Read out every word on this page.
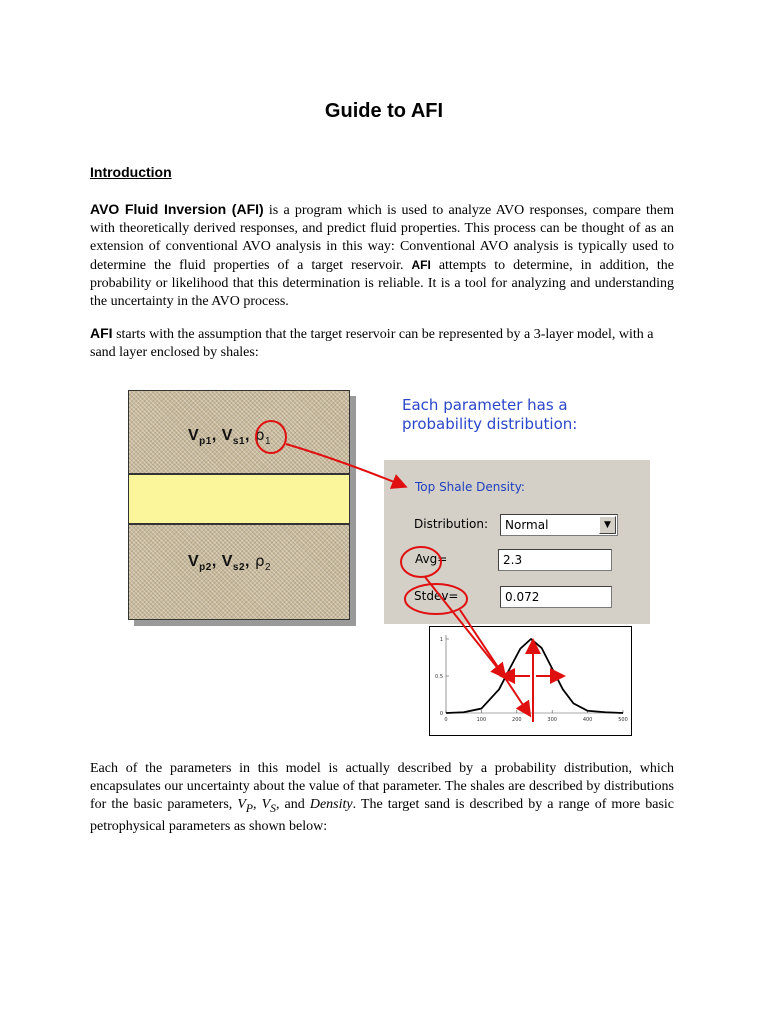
Guide to AFI
Introduction

AVO Fluid Inversion (AFI) is a program which is used to analyze AVO responses, compare them with theoretically derived responses, and predict fluid properties. This process can be thought of as an extension of conventional AVO analysis in this way: Conventional AVO analysis is typically used to determine the fluid properties of a target reservoir. AFI attempts to determine, in addition, the probability or likelihood that this determination is reliable. It is a tool for analyzing and understanding the uncertainty in the AVO process.

AFI starts with the assumption that the target reservoir can be represented by a 3-layer model, with a sand layer enclosed by shales:

$V_{p1}$, $V_{s1}$, $\rho_1$
$V_{p2}$, $V_{s2}$, $\rho_2$
Each parameter has a
probability distribution:
Top Shale Density:
Distribution:	Normal	▼
Avg=	2.3
Stdev=	0.072
0
0.5
1
0	100	200	300	400	500

Each of the parameters in this model is actually described by a probability distribution, which encapsulates our uncertainty about the value of that parameter. The shales are described by distributions for the basic parameters, $V_P$, $V_S$, and Density. The target sand is described by a range of more basic petrophysical parameters as shown below:
